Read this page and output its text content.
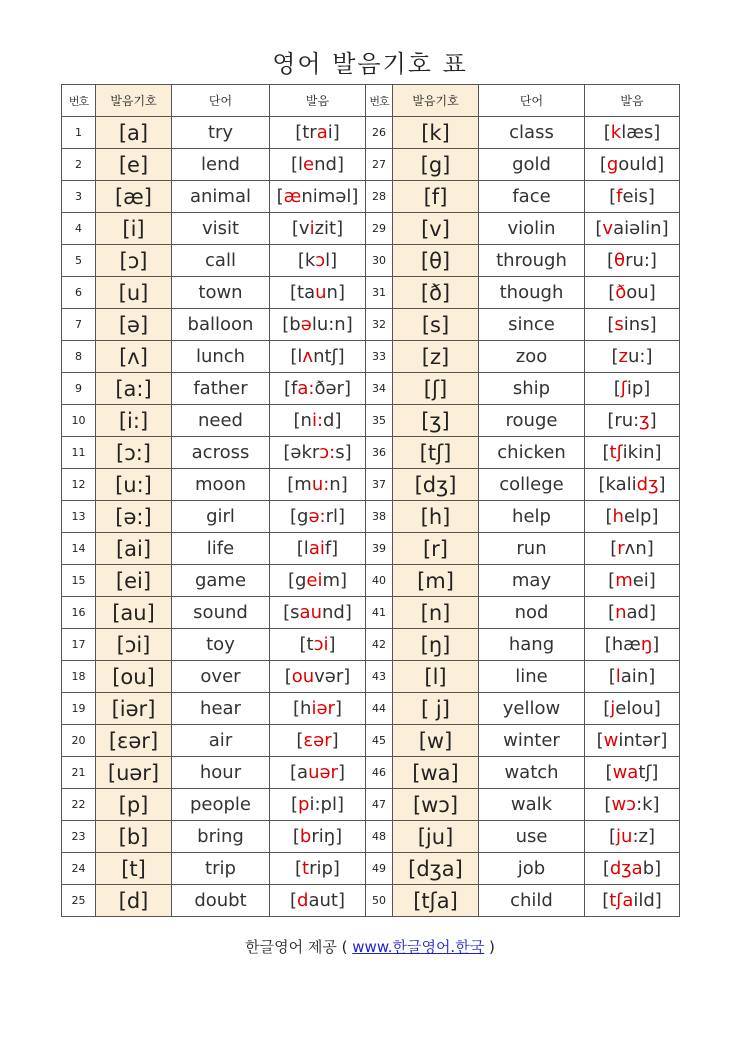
영어 발음기호 표
번호	발음기호	단어	발음	번호	발음기호	단어	발음
1	[a]	try	[trai]	26	[k]	class	[klæs]
2	[e]	lend	[lend]	27	[g]	gold	[gould]
3	[æ]	animal	[æniməl]	28	[f]	face	[feis]
4	[i]	visit	[vizit]	29	[v]	violin	[vaiəlin]
5	[ɔ]	call	[kɔl]	30	[θ]	through	[θru:]
6	[u]	town	[taun]	31	[ð]	though	[ðou]
7	[ə]	balloon	[bəlu:n]	32	[s]	since	[sins]
8	[ʌ]	lunch	[lʌntʃ]	33	[z]	zoo	[zu:]
9	[a:]	father	[fa:ðər]	34	[ʃ]	ship	[ʃip]
10	[i:]	need	[ni:d]	35	[ʒ]	rouge	[ru:ʒ]
11	[ɔ:]	across	[əkrɔ:s]	36	[tʃ]	chicken	[tʃikin]
12	[u:]	moon	[mu:n]	37	[dʒ]	college	[kalidʒ]
13	[ə:]	girl	[gə:rl]	38	[h]	help	[help]
14	[ai]	life	[laif]	39	[r]	run	[rʌn]
15	[ei]	game	[geim]	40	[m]	may	[mei]
16	[au]	sound	[saund]	41	[n]	nod	[nad]
17	[ɔi]	toy	[tɔi]	42	[ŋ]	hang	[hæŋ]
18	[ou]	over	[ouvər]	43	[l]	line	[lain]
19	[iər]	hear	[hiər]	44	[ j]	yellow	[jelou]
20	[ɛər]	air	[ɛər]	45	[w]	winter	[wintər]
21	[uər]	hour	[auər]	46	[wa]	watch	[watʃ]
22	[p]	people	[pi:pl]	47	[wɔ]	walk	[wɔ:k]
23	[b]	bring	[briŋ]	48	[ju]	use	[ju:z]
24	[t]	trip	[trip]	49	[dʒa]	job	[dʒab]
25	[d]	doubt	[daut]	50	[tʃa]	child	[tʃaild]
한글영어 제공 ( www.한글영어.한국 )
